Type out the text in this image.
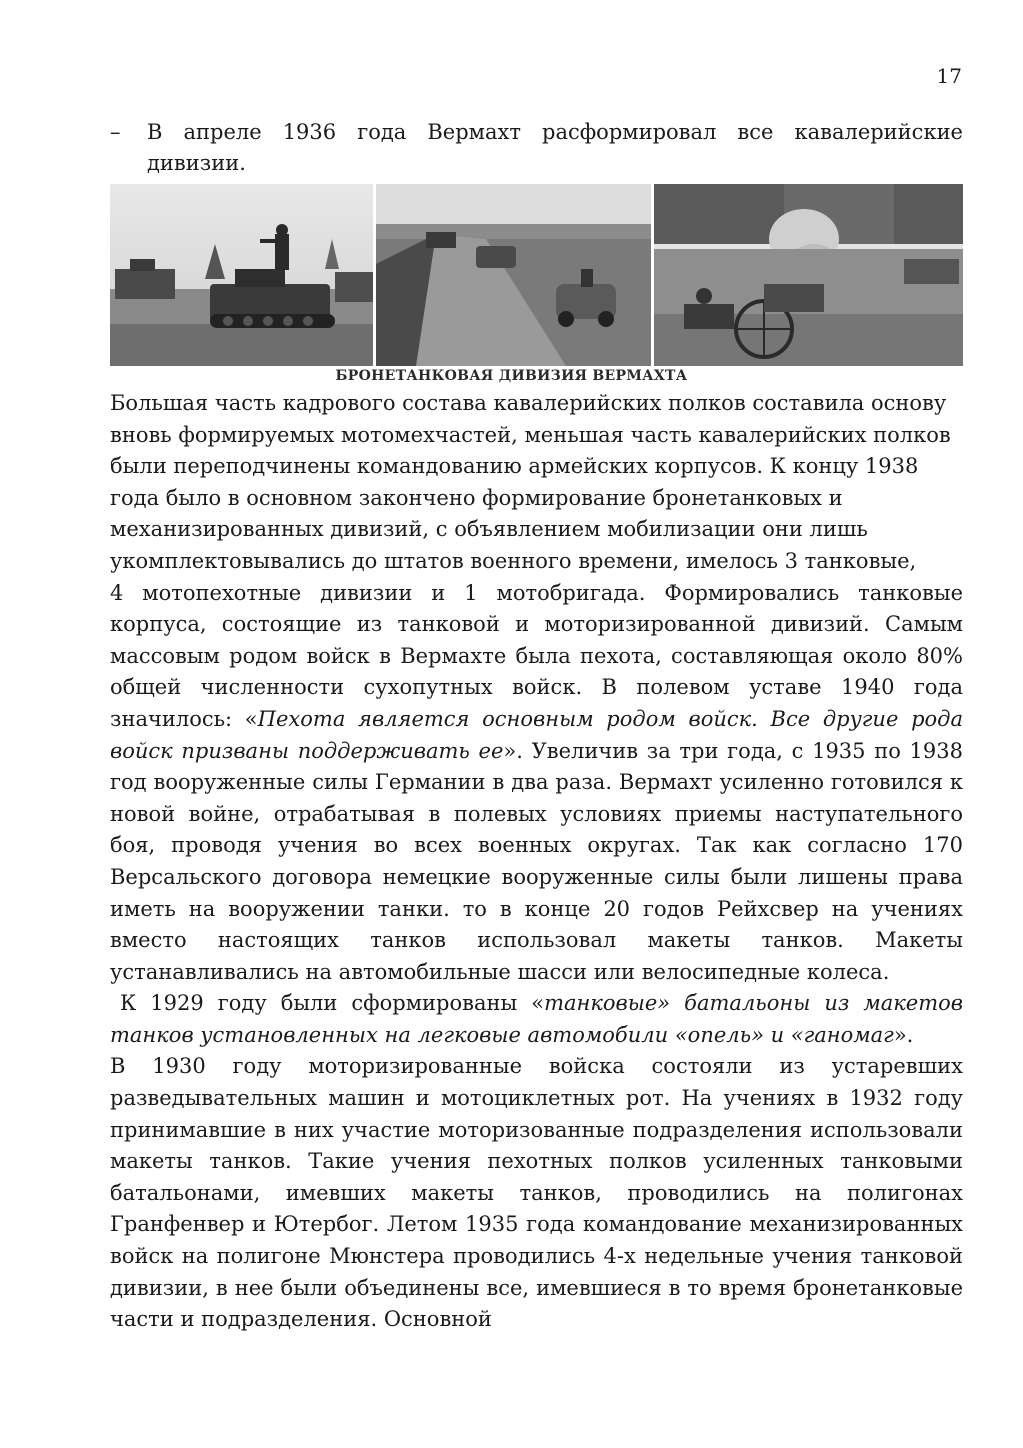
17
– В апреле 1936 года Вермахт расформировал все кавалерийские дивизии.
БРОНЕТАНКОВАЯ ДИВИЗИЯ ВЕРМАХТА

Большая часть кадрового состава кавалерийских полков составила основу вновь формируемых мотомехчастей, меньшая часть кавалерийских полков были переподчинены командованию армейских корпусов. К концу 1938 года было в основном закончено формирование бронетанковых и механизированных дивизий, с объявлением мобилизации они лишь укомплектовывались до штатов военного времени, имелось 3 танковые,

4 мотопехотные дивизии и 1 мотобригада. Формировались танковые корпуса, состоящие из танковой и моторизированной дивизий. Самым массовым родом войск в Вермахте была пехота, составляющая около 80% общей численности сухопутных войск. В полевом уставе 1940 года значилось: «Пехота является основным родом войск. Все другие рода войск призваны поддерживать ее». Увеличив за три года, с 1935 по 1938 год вооруженные силы Германии в два раза. Вермахт усиленно готовился к новой войне, отрабатывая в полевых условиях приемы наступательного боя, проводя учения во всех военных округах. Так как согласно 170 Версальского договора немецкие вооруженные силы были лишены права иметь на вооружении танки. то в конце 20 годов Рейхсвер на учениях вместо настоящих танков использовал макеты танков. Макеты устанавливались на автомобильные шасси или велосипедные колеса.

К 1929 году были сформированы «танковые» батальоны из макетов танков установленных на легковые автомобили «опель» и «ганомаг».

В 1930 году моторизированные войска состояли из устаревших разведывательных машин и мотоциклетных рот. На учениях в 1932 году принимавшие в них участие моторизованные подразделения использовали макеты танков. Такие учения пехотных полков усиленных танковыми батальонами, имевших макеты танков, проводились на полигонах Гранфенвер и Ютербог. Летом 1935 года командование механизированных войск на полигоне Мюнстера проводились 4-х недельные учения танковой дивизии, в нее были объединены все, имевшиеся в то время бронетанковые части и подразделения. Основной
